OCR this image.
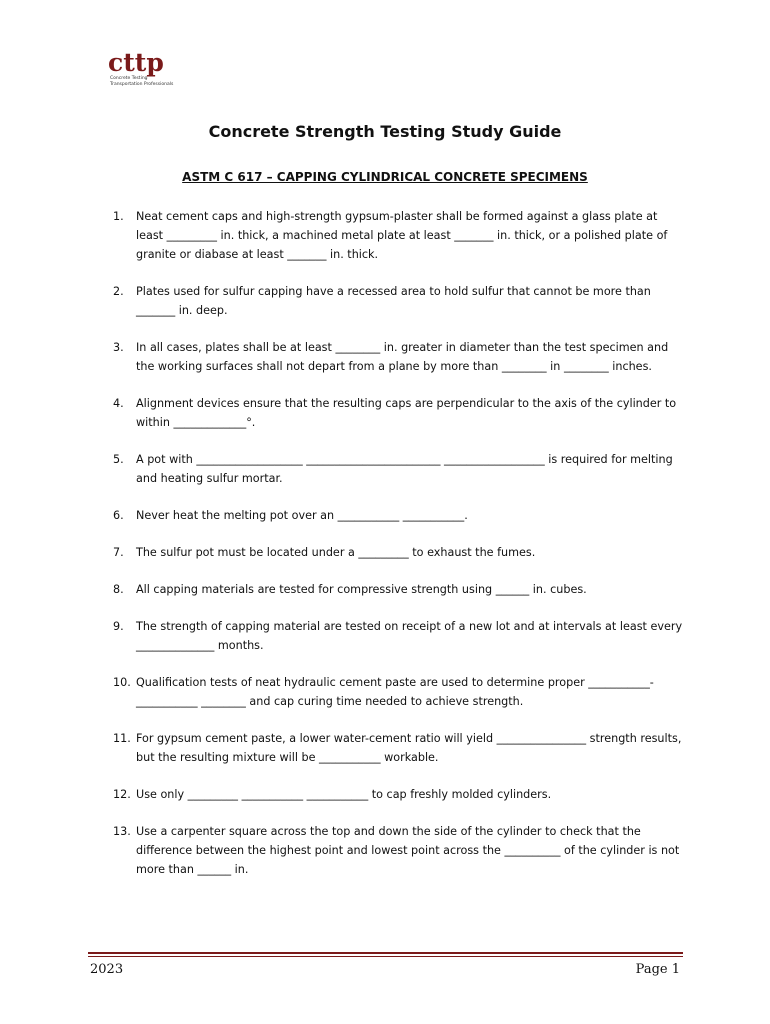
cttp
Concrete Testing
Transportation Professionals
Concrete Strength Testing Study Guide
ASTM C 617 – CAPPING CYLINDRICAL CONCRETE SPECIMENS
1.	Neat cement caps and high-strength gypsum-plaster shall be formed against a glass plate at least _________ in. thick, a machined metal plate at least _______ in. thick, or a polished plate of granite or diabase at least _______ in. thick.
2.	Plates used for sulfur capping have a recessed area to hold sulfur that cannot be more than _______ in. deep.
3.	In all cases, plates shall be at least ________ in. greater in diameter than the test specimen and the working surfaces shall not depart from a plane by more than ________ in ________ inches.
4.	Alignment devices ensure that the resulting caps are perpendicular to the axis of the cylinder to within _____________°.
5.	A pot with ___________________ ________________________ __________________ is required for melting and heating sulfur mortar.
6.	Never heat the melting pot over an ___________ ___________.
7.	The sulfur pot must be located under a _________ to exhaust the fumes.
8.	All capping materials are tested for compressive strength using ______ in. cubes.
9.	The strength of capping material are tested on receipt of a new lot and at intervals at least every ______________ months.
10. Qualification tests of neat hydraulic cement paste are used to determine proper ___________-___________ ________ and cap curing time needed to achieve strength.
11. For gypsum cement paste, a lower water-cement ratio will yield ________________ strength results, but the resulting mixture will be ___________ workable.
12. Use only _________ ___________ ___________ to cap freshly molded cylinders.
13. Use a carpenter square across the top and down the side of the cylinder to check that the difference between the highest point and lowest point across the __________ of the cylinder is not more than ______ in.
2023	Page 1
